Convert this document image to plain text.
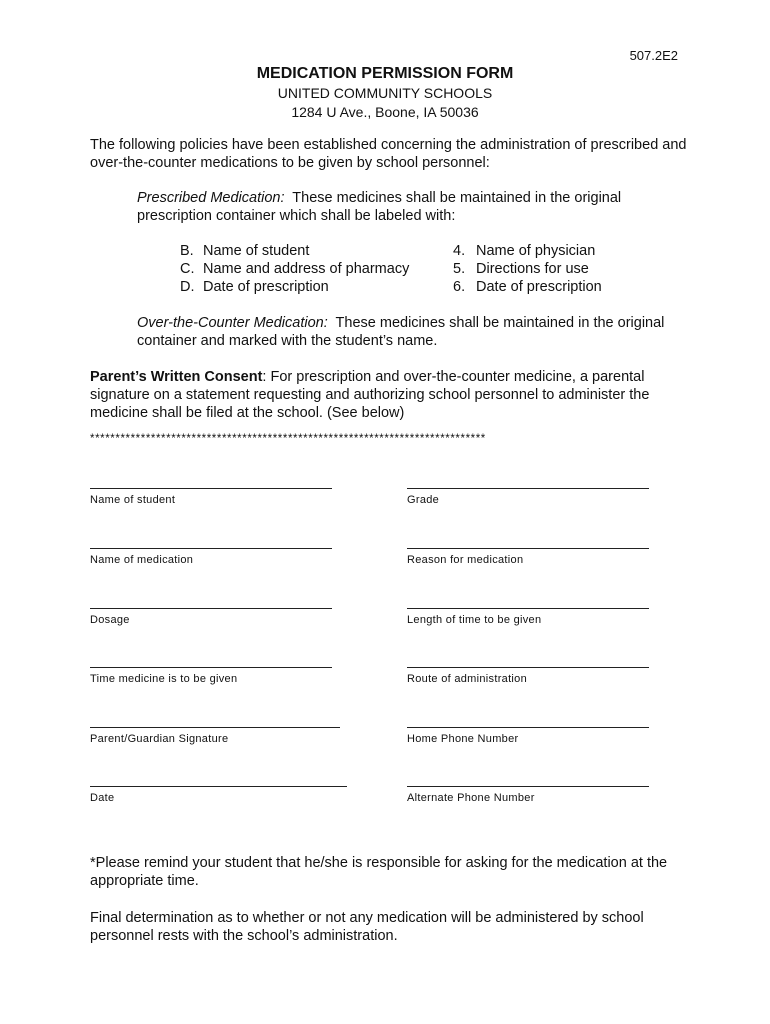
507.2E2
MEDICATION PERMISSION FORM
UNITED COMMUNITY SCHOOLS
1284 U Ave., Boone, IA 50036
The following policies have been established concerning the administration of prescribed and over-the-counter medications to be given by school personnel:
Prescribed Medication: These medicines shall be maintained in the original prescription container which shall be labeled with:
B. Name of student
C. Name and address of pharmacy
D. Date of prescription
4. Name of physician
5. Directions for use
6. Date of prescription
Over-the-Counter Medication: These medicines shall be maintained in the original container and marked with the student’s name.
Parent’s Written Consent: For prescription and over-the-counter medicine, a parental signature on a statement requesting and authorizing school personnel to administer the medicine shall be filed at the school. (See below)
******************************************************************************
Name of student
Name of medication
Dosage
Time medicine is to be given
Parent/Guardian Signature
Date
Grade
Reason for medication
Length of time to be given
Route of administration
Home Phone Number
Alternate Phone Number
*Please remind your student that he/she is responsible for asking for the medication at the appropriate time.
Final determination as to whether or not any medication will be administered by school personnel rests with the school’s administration.
